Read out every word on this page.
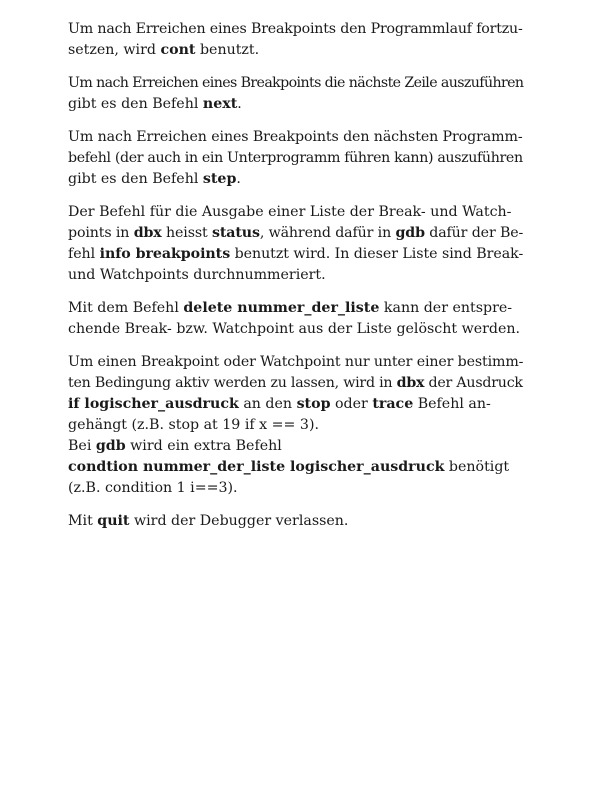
Um nach Erreichen eines Breakpoints den Programmlauf fortzu-
setzen, wird cont benutzt.

Um nach Erreichen eines Breakpoints die nächste Zeile auszuführen
gibt es den Befehl next.

Um nach Erreichen eines Breakpoints den nächsten Programm-
befehl (der auch in ein Unterprogramm führen kann) auszuführen
gibt es den Befehl step.

Der Befehl für die Ausgabe einer Liste der Break- und Watch-
points in dbx heisst status, während dafür in gdb dafür der Be-
fehl info breakpoints benutzt wird. In dieser Liste sind Break-
und Watchpoints durchnummeriert.

Mit dem Befehl delete nummer_der_liste kann der entspre-
chende Break- bzw. Watchpoint aus der Liste gelöscht werden.

Um einen Breakpoint oder Watchpoint nur unter einer bestimm-
ten Bedingung aktiv werden zu lassen, wird in dbx der Ausdruck
if logischer_ausdruck an den stop oder trace Befehl an-
gehängt (z.B. stop at 19 if x == 3).
Bei gdb wird ein extra Befehl
condtion nummer_der_liste logischer_ausdruck benötigt
(z.B. condition 1 i==3).

Mit quit wird der Debugger verlassen.
